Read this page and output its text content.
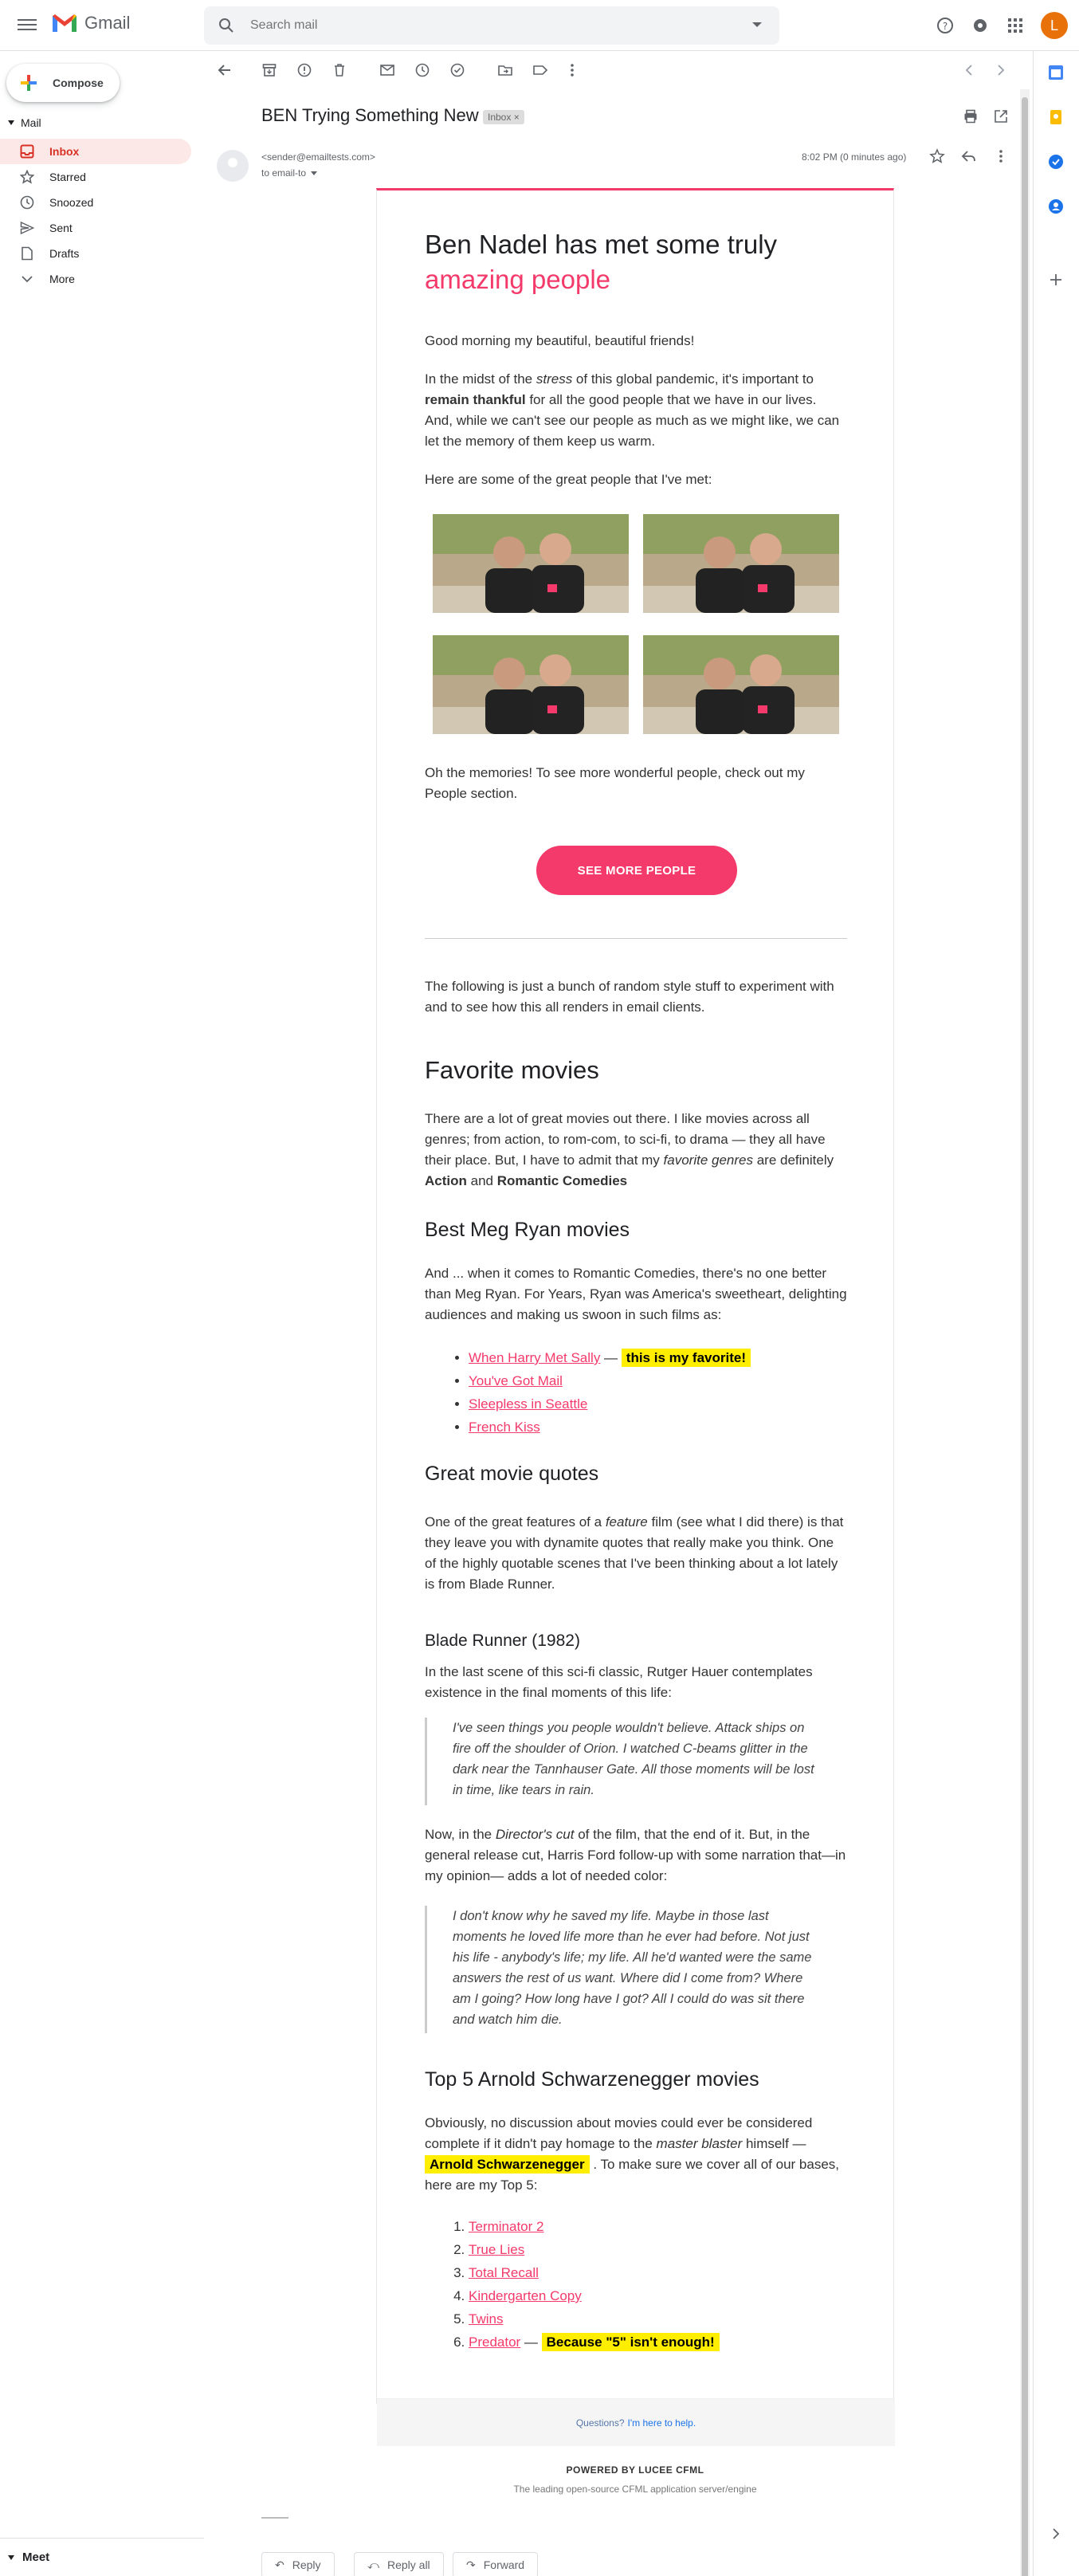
Gmail
Search mail	?	L
Compose
Mail
Inbox
Starred
Snoozed
Sent
Drafts
More
Meet
BEN Trying Something New Inbox ×
<sender@emailtests.com>
to email-to
8:02 PM (0 minutes ago)
Ben Nadel has met some truly
amazing people
Good morning my beautiful, beautiful friends!
In the midst of the stress of this global pandemic, it's important to remain thankful for all the good people that we have in our lives. And, while we can't see our people as much as we might like, we can let the memory of them keep us warm.
Here are some of the great people that I've met:
Oh the memories! To see more wonderful people, check out my People section.
SEE MORE PEOPLE
The following is just a bunch of random style stuff to experiment with and to see how this all renders in email clients.
Favorite movies
There are a lot of great movies out there. I like movies across all genres; from action, to rom-com, to sci-fi, to drama — they all have their place. But, I have to admit that my favorite genres are definitely Action and Romantic Comedies
Best Meg Ryan movies
And ... when it comes to Romantic Comedies, there's no one better than Meg Ryan. For Years, Ryan was America's sweetheart, delighting audiences and making us swoon in such films as:
• When Harry Met Sally — this is my favorite!
• You've Got Mail
• Sleepless in Seattle
• French Kiss
Great movie quotes
One of the great features of a feature film (see what I did there) is that they leave you with dynamite quotes that really make you think. One of the highly quotable scenes that I've been thinking about a lot lately is from Blade Runner.
Blade Runner (1982)
In the last scene of this sci-fi classic, Rutger Hauer contemplates existence in the final moments of this life:
I've seen things you people wouldn't believe. Attack ships on fire off the shoulder of Orion. I watched C-beams glitter in the dark near the Tannhauser Gate. All those moments will be lost in time, like tears in rain.
Now, in the Director's cut of the film, that the end of it. But, in the general release cut, Harris Ford follow-up with some narration that—in my opinion— adds a lot of needed color:
I don't know why he saved my life. Maybe in those last moments he loved life more than he ever had before. Not just his life - anybody's life; my life. All he'd wanted were the same answers the rest of us want. Where did I come from? Where am I going? How long have I got? All I could do was sit there and watch him die.
Top 5 Arnold Schwarzenegger movies
Obviously, no discussion about movies could ever be considered complete if it didn't pay homage to the master blaster himself — Arnold Schwarzenegger . To make sure we cover all of our bases, here are my Top 5:
1. Terminator 2
2. True Lies
3. Total Recall
4. Kindergarten Copy
5. Twins
6. Predator — Because "5" isn't enough!
Questions? I'm here to help.
POWERED BY LUCEE CFML
The leading open-source CFML application server/engine
↶ Reply	⤺ Reply all	↷ Forward
